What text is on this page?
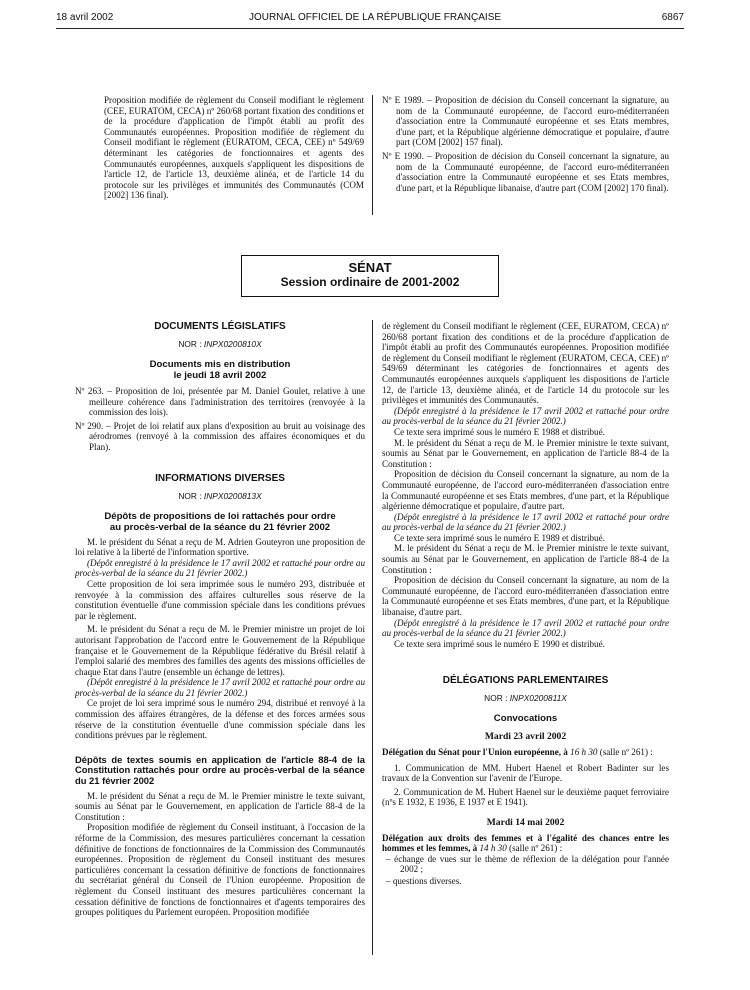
18 avril 2002	JOURNAL OFFICIEL DE LA RÉPUBLIQUE FRANÇAISE	6867

Proposition modifiée de règlement du Conseil modifiant le règlement (CEE, EURATOM, CECA) nº 260/68 portant fixation des conditions et de la procédure d'application de l'impôt établi au profit des Communautés européennes. Proposition modifiée de règlement du Conseil modifiant le règlement (EURATOM, CECA, CEE) nº 549/69 déterminant les catégories de fonctionnaires et agents des Communautés européennes, auxquels s'appliquent les dispositions de l'article 12, de l'article 13, deuxième alinéa, et de l'article 14 du protocole sur les privilèges et immunités des Communautés (COM [2002] 136 final).

Nº E 1989. – Proposition de décision du Conseil concernant la signature, au nom de la Communauté européenne, de l'accord euro-méditerranéen d'association entre la Communauté européenne et ses Etats membres, d'une part, et la République algérienne démocratique et populaire, d'autre part (COM [2002] 157 final).

Nº E 1990. – Proposition de décision du Conseil concernant la signature, au nom de la Communauté européenne, de l'accord euro-méditerranéen d'association entre la Communauté européenne et ses Etats membres, d'une part, et la République libanaise, d'autre part (COM [2002] 170 final).

SÉNAT
Session ordinaire de 2001-2002

DOCUMENTS LÉGISLATIFS

NOR : INPX0200810X

Documents mis en distribution

le jeudi 18 avril 2002

Nº 263. – Proposition de loi, présentée par M. Daniel Goulet, relative à une meilleure cohérence dans l'administration des territoires (renvoyée à la commission des lois).

Nº 290. – Projet de loi relatif aux plans d'exposition au bruit au voisinage des aérodromes (renvoyé à la commission des affaires économiques et du Plan).

INFORMATIONS DIVERSES

NOR : INPX0200813X

Dépôts de propositions de loi rattachés pour ordre

au procès-verbal de la séance du 21 février 2002

M. le président du Sénat a reçu de M. Adrien Gouteyron une proposition de loi relative à la liberté de l'information sportive.

(Dépôt enregistré à la présidence le 17 avril 2002 et rattaché pour ordre au procès-verbal de la séance du 21 février 2002.)

Cette proposition de loi sera imprimée sous le numéro 293, distribuée et renvoyée à la commission des affaires culturelles sous réserve de la constitution éventuelle d'une commission spéciale dans les conditions prévues par le règlement.

M. le président du Sénat a reçu de M. le Premier ministre un projet de loi autorisant l'approbation de l'accord entre le Gouvernement de la République française et le Gouvernement de la République fédérative du Brésil relatif à l'emploi salarié des membres des familles des agents des missions officielles de chaque Etat dans l'autre (ensemble un échange de lettres).

(Dépôt enregistré à la présidence le 17 avril 2002 et rattaché pour ordre au procès-verbal de la séance du 21 février 2002.)

Ce projet de loi sera imprimé sous le numéro 294, distribué et renvoyé à la commission des affaires étrangères, de la défense et des forces armées sous réserve de la constitution éventuelle d'une commission spéciale dans les conditions prévues par le règlement.

Dépôts de textes soumis en application de l'article 88-4 de la Constitution rattachés pour ordre au procès-verbal de la séance du 21 février 2002

M. le président du Sénat a reçu de M. le Premier ministre le texte suivant, soumis au Sénat par le Gouvernement, en application de l'article 88-4 de la Constitution :

Proposition modifiée de règlement du Conseil instituant, à l'occasion de la réforme de la Commission, des mesures particulières concernant la cessation définitive de fonctions de fonctionnaires de la Commission des Communautés européennes. Proposition de règlement du Conseil instituant des mesures particulières concernant la cessation définitive de fonctions de fonctionnaires du secrétariat général du Conseil de l'Union européenne. Proposition de règlement du Conseil instituant des mesures particulières concernant la cessation définitive de fonctions de fonctionnaires et d'agents temporaires des groupes politiques du Parlement européen. Proposition modifiée

de règlement du Conseil modifiant le règlement (CEE, EURATOM, CECA) nº 260/68 portant fixation des conditions et de la procédure d'application de l'impôt établi au profit des Communautés européennes. Proposition modifiée de règlement du Conseil modifiant le règlement (EURATOM, CECA, CEE) nº 549/69 déterminant les catégories de fonctionnaires et agents des Communautés européennes auxquels s'appliquent les dispositions de l'article 12, de l'article 13, deuxième alinéa, et de l'article 14 du protocole sur les privilèges et immunités des Communautés.

(Dépôt enregistré à la présidence le 17 avril 2002 et rattaché pour ordre au procès-verbal de la séance du 21 février 2002.)

Ce texte sera imprimé sous le numéro E 1988 et distribué.

M. le président du Sénat a reçu de M. le Premier ministre le texte suivant, soumis au Sénat par le Gouvernement, en application de l'article 88-4 de la Constitution :

Proposition de décision du Conseil concernant la signature, au nom de la Communauté européenne, de l'accord euro-méditerranéen d'association entre la Communauté européenne et ses Etats membres, d'une part, et la République algérienne démocratique et populaire, d'autre part.

(Dépôt enregistré à la présidence le 17 avril 2002 et rattaché pour ordre au procès-verbal de la séance du 21 février 2002.)

Ce texte sera imprimé sous le numéro E 1989 et distribué.

M. le président du Sénat a reçu de M. le Premier ministre le texte suivant, soumis au Sénat par le Gouvernement, en application de l'article 88-4 de la Constitution :

Proposition de décision du Conseil concernant la signature, au nom de la Communauté européenne, de l'accord euro-méditerranéen d'association entre la Communauté européenne et ses Etats membres, d'une part, et la République libanaise, d'autre part.

(Dépôt enregistré à la présidence le 17 avril 2002 et rattaché pour ordre au procès-verbal de la séance du 21 février 2002.)

Ce texte sera imprimé sous le numéro E 1990 et distribué.

DÉLÉGATIONS PARLEMENTAIRES

NOR : INPX0200811X

Convocations

Mardi 23 avril 2002

Délégation du Sénat pour l'Union européenne, à 16 h 30 (salle nº 261) :

1. Communication de MM. Hubert Haenel et Robert Badinter sur les travaux de la Convention sur l'avenir de l'Europe.

2. Communication de M. Hubert Haenel sur le deuxième paquet ferroviaire (nºs E 1932, E 1936, E 1937 et E 1941).

Mardi 14 mai 2002

Délégation aux droits des femmes et à l'égalité des chances entre les hommes et les femmes, à 14 h 30 (salle nº 261) :

– échange de vues sur le thème de réflexion de la délégation pour l'année 2002 ;

– questions diverses.
